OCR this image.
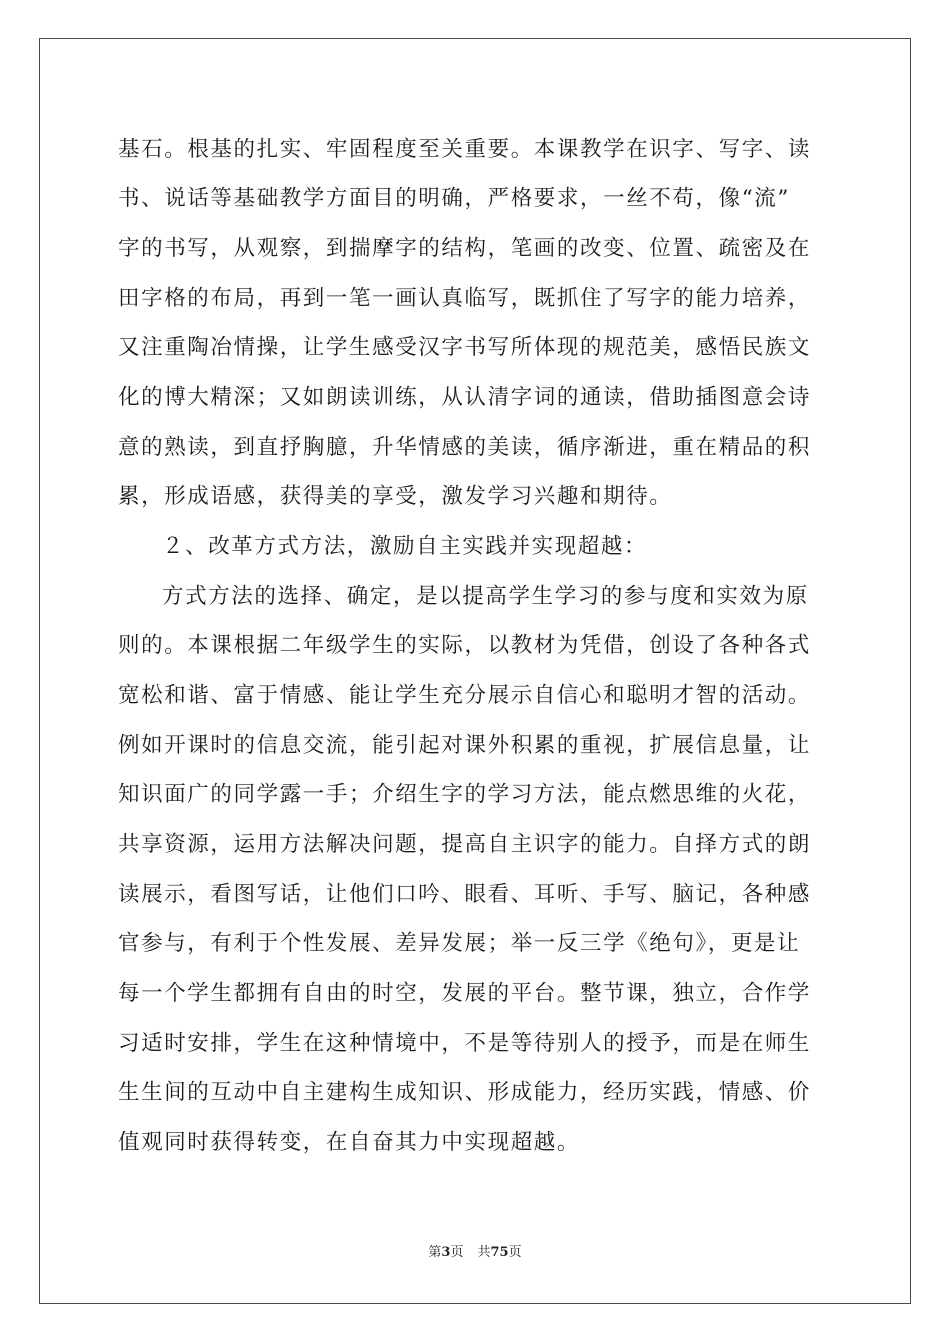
基石。根基的扎实、牢固程度至关重要。本课教学在识字、写字、读
书、说话等基础教学方面目的明确，严格要求，一丝不苟，像“流”
字的书写，从观察，到揣摩字的结构，笔画的改变、位置、疏密及在
田字格的布局，再到一笔一画认真临写，既抓住了写字的能力培养，
又注重陶冶情操，让学生感受汉字书写所体现的规范美，感悟民族文
化的博大精深；又如朗读训练，从认清字词的通读，借助插图意会诗
意的熟读，到直抒胸臆，升华情感的美读，循序渐进，重在精品的积
累，形成语感，获得美的享受，激发学习兴趣和期待。
２、改革方式方法，激励自主实践并实现超越：
方式方法的选择、确定，是以提高学生学习的参与度和实效为原
则的。本课根据二年级学生的实际，以教材为凭借，创设了各种各式
宽松和谐、富于情感、能让学生充分展示自信心和聪明才智的活动。
例如开课时的信息交流，能引起对课外积累的重视，扩展信息量，让
知识面广的同学露一手；介绍生字的学习方法，能点燃思维的火花，
共享资源，运用方法解决问题，提高自主识字的能力。自择方式的朗
读展示，看图写话，让他们口吟、眼看、耳听、手写、脑记，各种感
官参与，有利于个性发展、差异发展；举一反三学《绝句》，更是让
每一个学生都拥有自由的时空，发展的平台。整节课，独立，合作学
习适时安排，学生在这种情境中，不是等待别人的授予，而是在师生
生生间的互动中自主建构生成知识、形成能力，经历实践，情感、价
值观同时获得转变，在自奋其力中实现超越。
第3页 共75页
